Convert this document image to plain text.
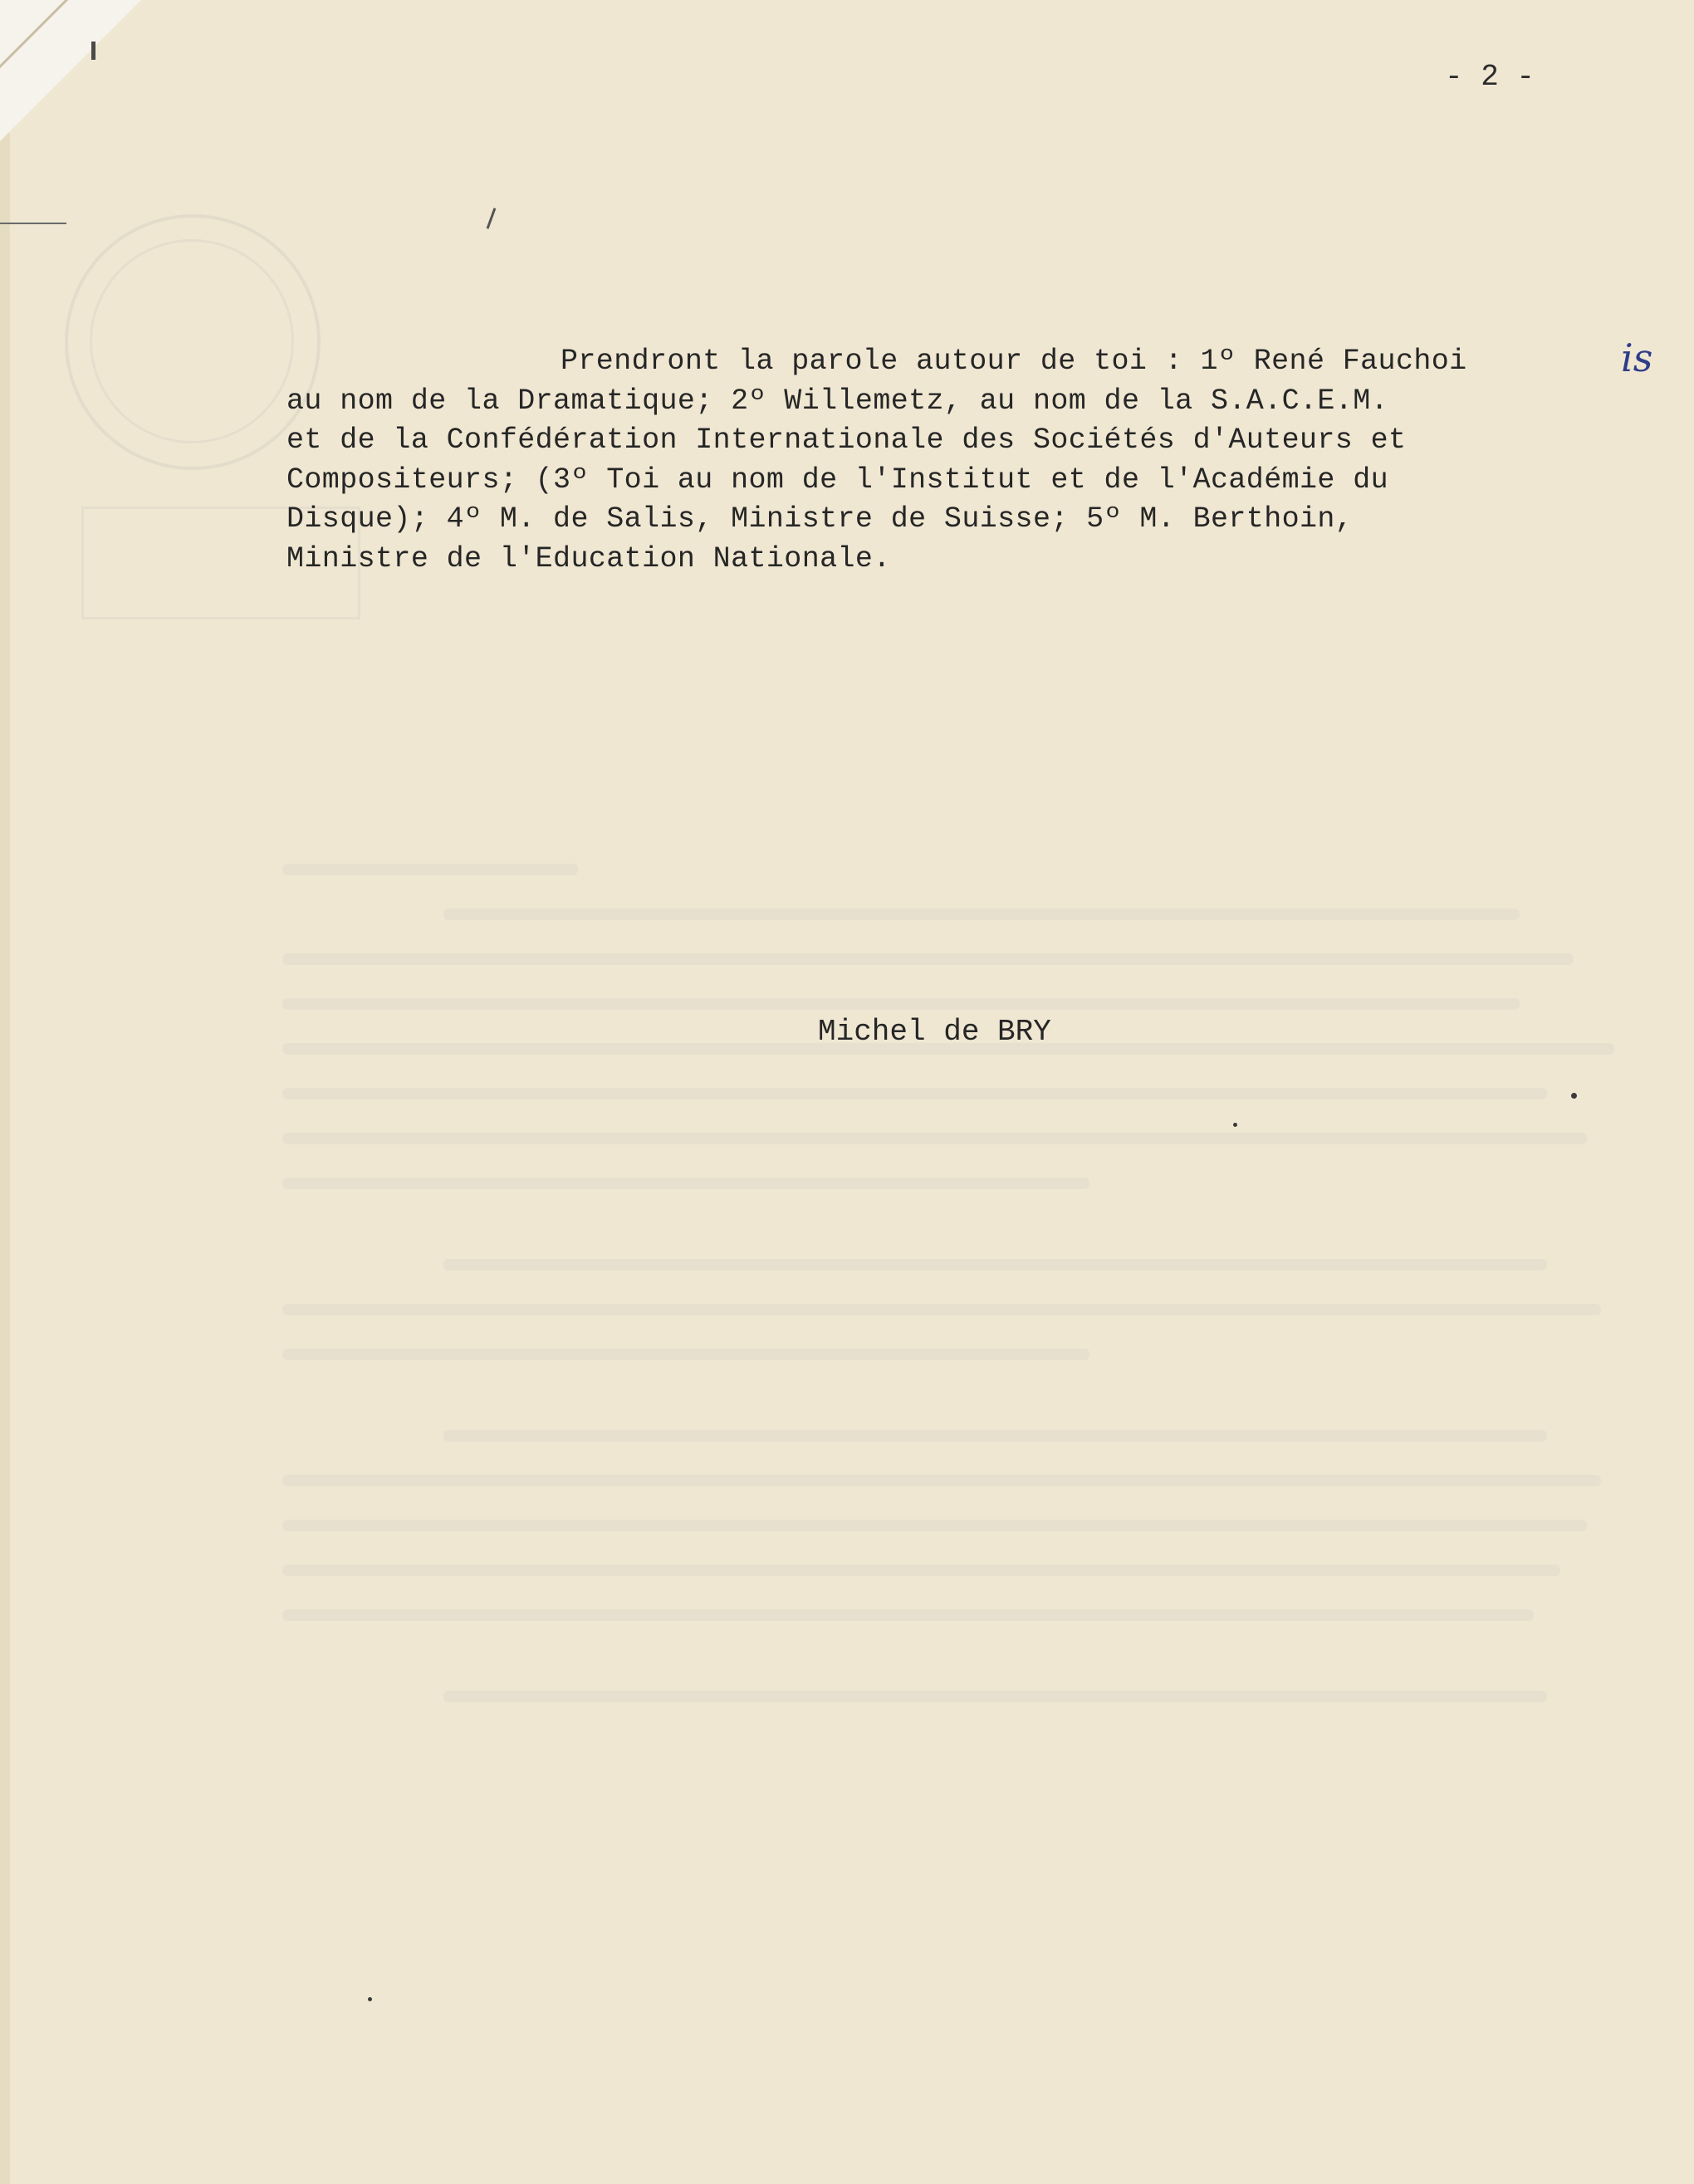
- 2 -
Prendront la parole autour de toi : 1º René Fauchoi
au nom de la Dramatique; 2º Willemetz, au nom de la S.A.C.E.M.
et de la Confédération Internationale des Sociétés d'Auteurs et
Compositeurs; (3º Toi au nom de l'Institut et de l'Académie du
Disque); 4º M. de Salis, Ministre de Suisse; 5º M. Berthoin,
Ministre de l'Education Nationale.
is
Michel de BRY
